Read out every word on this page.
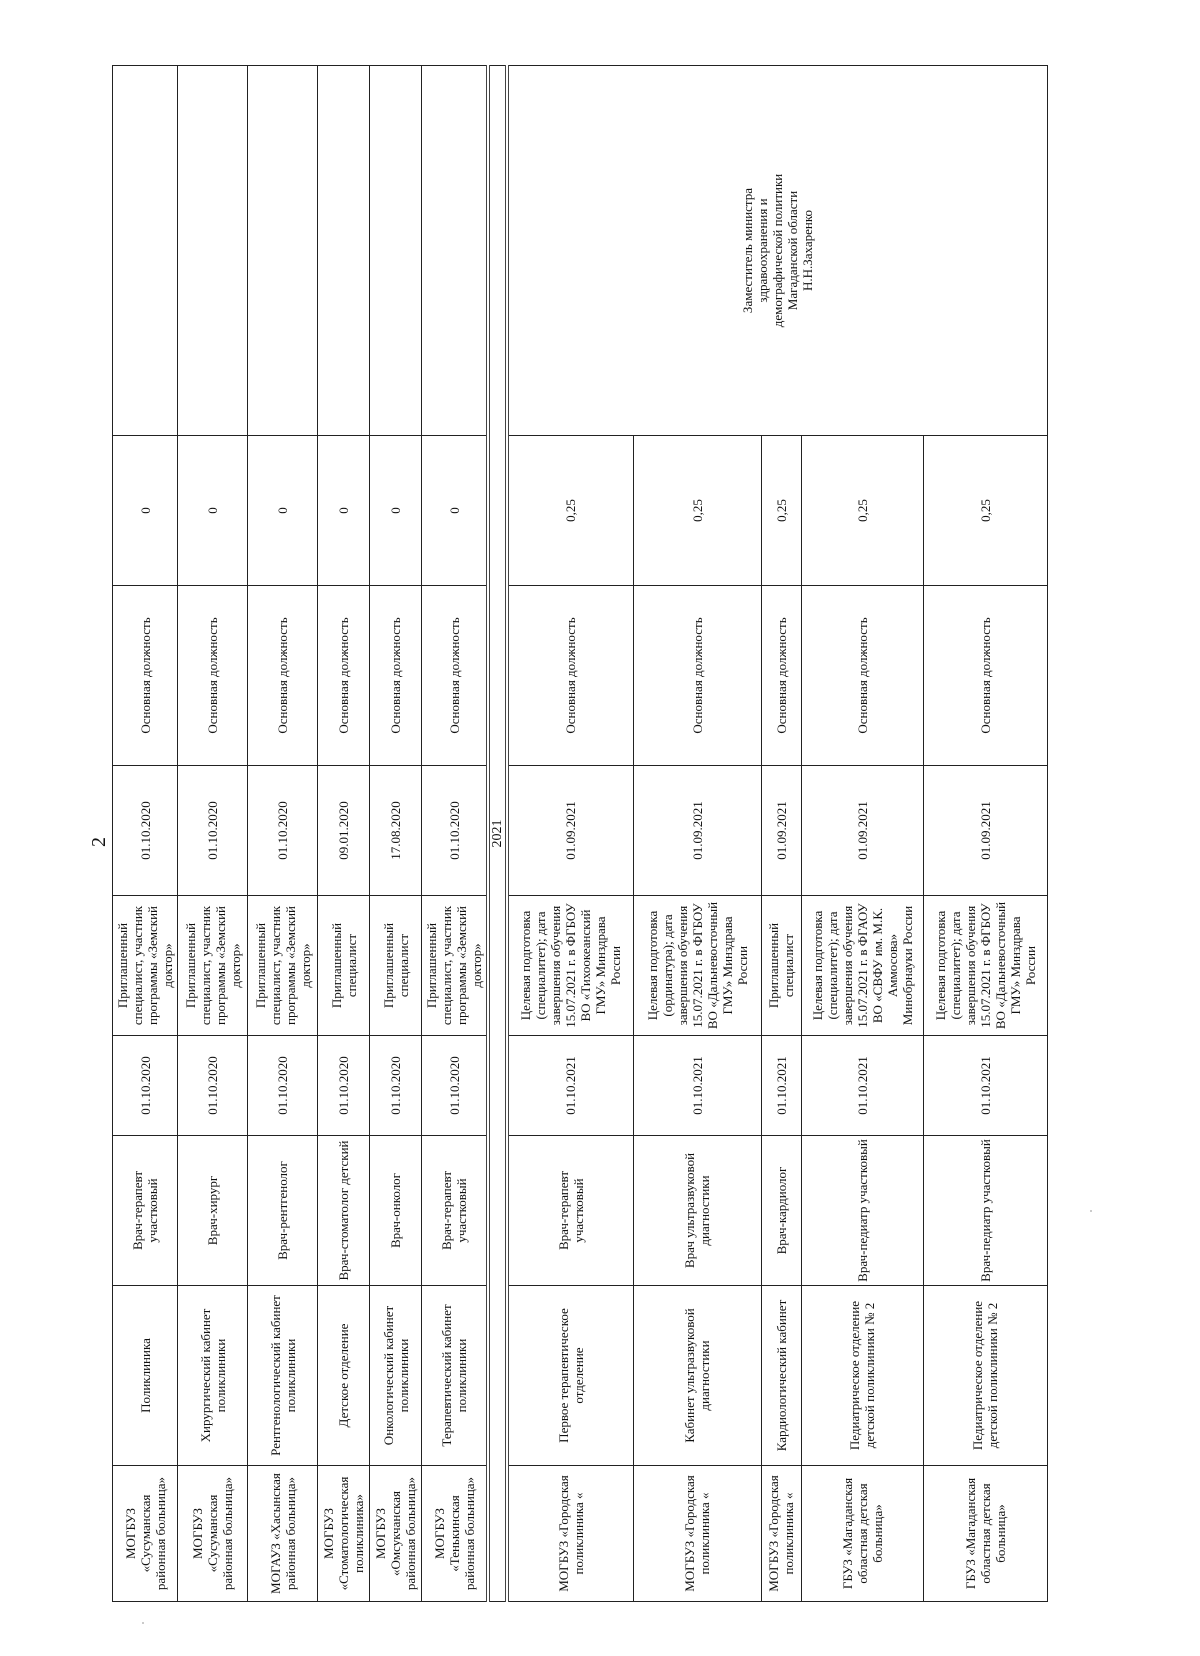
2
МОГБУЗ «Сусуманская районная больница»	Поликлиника	Врач-терапевт участковый	01.10.2020	Приглашенный специалист, участник программы «Земский доктор»	01.10.2020	Основная должность	0	
МОГБУЗ «Сусуманская районная больница»	Хирургический кабинет поликлиники	Врач-хирург	01.10.2020	Приглашенный специалист, участник программы «Земский доктор»	01.10.2020	Основная должность	0	
МОГАУЗ «Хасынская районная больница»	Рентгенологический кабинет поликлиники	Врач-рентгенолог	01.10.2020	Приглашенный специалист, участник программы «Земский доктор»	01.10.2020	Основная должность	0	
МОГБУЗ «Стоматологическая поликлиника»	Детское отделение	Врач-стоматолог детский	01.10.2020	Приглашенный специалист	09.01.2020	Основная должность	0	
МОГБУЗ «Омсукчанская районная больница»	Онкологический кабинет поликлиники	Врач-онколог	01.10.2020	Приглашенный специалист	17.08.2020	Основная должность	0	
МОГБУЗ «Тенькинская районная больница»	Терапевтический кабинет поликлиники	Врач-терапевт участковый	01.10.2020	Приглашенный специалист, участник программы «Земский доктор»	01.10.2020	Основная должность	0	
2021								
МОГБУЗ «Городская поликлиника «	Первое терапевтическое отделение	Врач-терапевт участковый	01.10.2021	Целевая подготовка (специалитет); дата завершения обучения 15.07.2021 г. в ФГБОУ ВО «Тихоокеанский ГМУ» Минздрава России	01.09.2021	Основная должность	0,25	Заместитель министра здравоохранения и демографической политики Магаданской области Н.Н.Захаренко
МОГБУЗ «Городская поликлиника «	Кабинет ультразвуковой диагностики	Врач ультразвуковой диагностики	01.10.2021	Целевая подготовка (ординатура); дата завершения обучения 15.07.2021 г. в ФГБОУ ВО «Дальневосточный ГМУ» Минздрава России	01.09.2021	Основная должность	0,25	
МОГБУЗ «Городская поликлиника «	Кардиологический кабинет	Врач-кардиолог	01.10.2021	Приглашенный специалист	01.09.2021	Основная должность	0,25	
ГБУЗ «Магаданская областная детская больница»	Педиатрическое отделение детской поликлиники № 2	Врач-педиатр участковый	01.10.2021	Целевая подготовка (специалитет); дата завершения обучения 15.07.2021 г. в ФГАОУ ВО «СВФУ им. М.К. Аммосова» Минобрнауки России	01.09.2021	Основная должность	0,25	
ГБУЗ «Магаданская областная детская больница»	Педиатрическое отделение детской поликлиники № 2	Врач-педиатр участковый	01.10.2021	Целевая подготовка (специалитет); дата завершения обучения 15.07.2021 г. в ФГБОУ ВО «Дальневосточный ГМУ» Минздрава России	01.09.2021	Основная должность	0,25	
